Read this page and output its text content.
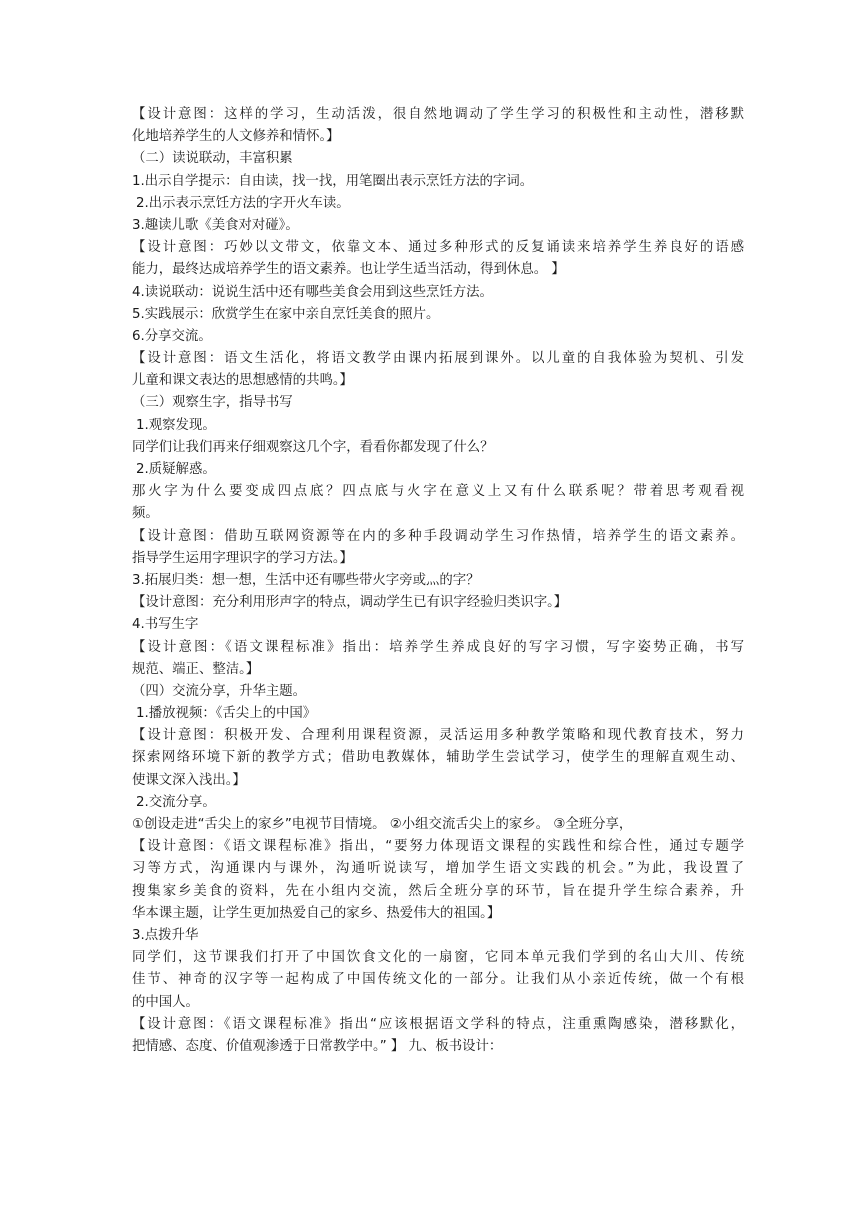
【设计意图：这样的学习，生动活泼，很自然地调动了学生学习的积极性和主动性，潜移默
化地培养学生的人文修养和情怀。】
（二）读说联动，丰富积累
1.出示自学提示：自由读，找一找，用笔圈出表示烹饪方法的字词。
2.出示表示烹饪方法的字开火车读。
3.趣读儿歌《美食对对碰》。
【设计意图：巧妙以文带文，依靠文本、通过多种形式的反复诵读来培养学生养良好的语感
能力，最终达成培养学生的语文素养。也让学生适当活动，得到休息。 】
4.读说联动：说说生活中还有哪些美食会用到这些烹饪方法。
5.实践展示：欣赏学生在家中亲自烹饪美食的照片。
6.分享交流。
【设计意图：语文生活化，将语文教学由课内拓展到课外。以儿童的自我体验为契机、引发
儿童和课文表达的思想感情的共鸣。】
（三）观察生字，指导书写
1.观察发现。
同学们让我们再来仔细观察这几个字，看看你都发现了什么？
2.质疑解惑。
那火字为什么要变成四点底？四点底与火字在意义上又有什么联系呢？带着思考观看视
频。
【设计意图：借助互联网资源等在内的多种手段调动学生习作热情，培养学生的语文素养。
指导学生运用字理识字的学习方法。】
3.拓展归类：想一想，生活中还有哪些带火字旁或灬的字？
【设计意图：充分利用形声字的特点，调动学生已有识字经验归类识字。】
4.书写生字
【设计意图：《语文课程标准》指出：培养学生养成良好的写字习惯，写字姿势正确，书写
规范、端正、整洁。】
（四）交流分享，升华主题。
1.播放视频：《舌尖上的中国》
【设计意图：积极开发、合理利用课程资源，灵活运用多种教学策略和现代教育技术，努力
探索网络环境下新的教学方式；借助电教媒体，辅助学生尝试学习，使学生的理解直观生动、
使课文深入浅出。】
2.交流分享。
①创设走进“舌尖上的家乡”电视节目情境。 ②小组交流舌尖上的家乡。 ③全班分享，
【设计意图：《语文课程标准》指出，“要努力体现语文课程的实践性和综合性，通过专题学
习等方式，沟通课内与课外，沟通听说读写，增加学生语文实践的机会。”为此，我设置了
搜集家乡美食的资料，先在小组内交流，然后全班分享的环节，旨在提升学生综合素养，升
华本课主题，让学生更加热爱自己的家乡、热爱伟大的祖国。】
3.点拨升华
同学们，这节课我们打开了中国饮食文化的一扇窗，它同本单元我们学到的名山大川、传统
佳节、神奇的汉字等一起构成了中国传统文化的一部分。让我们从小亲近传统，做一个有根
的中国人。
【设计意图：《语文课程标准》指出“应该根据语文学科的特点，注重熏陶感染，潜移默化，
把情感、态度、价值观渗透于日常教学中。” 】 九、板书设计：
